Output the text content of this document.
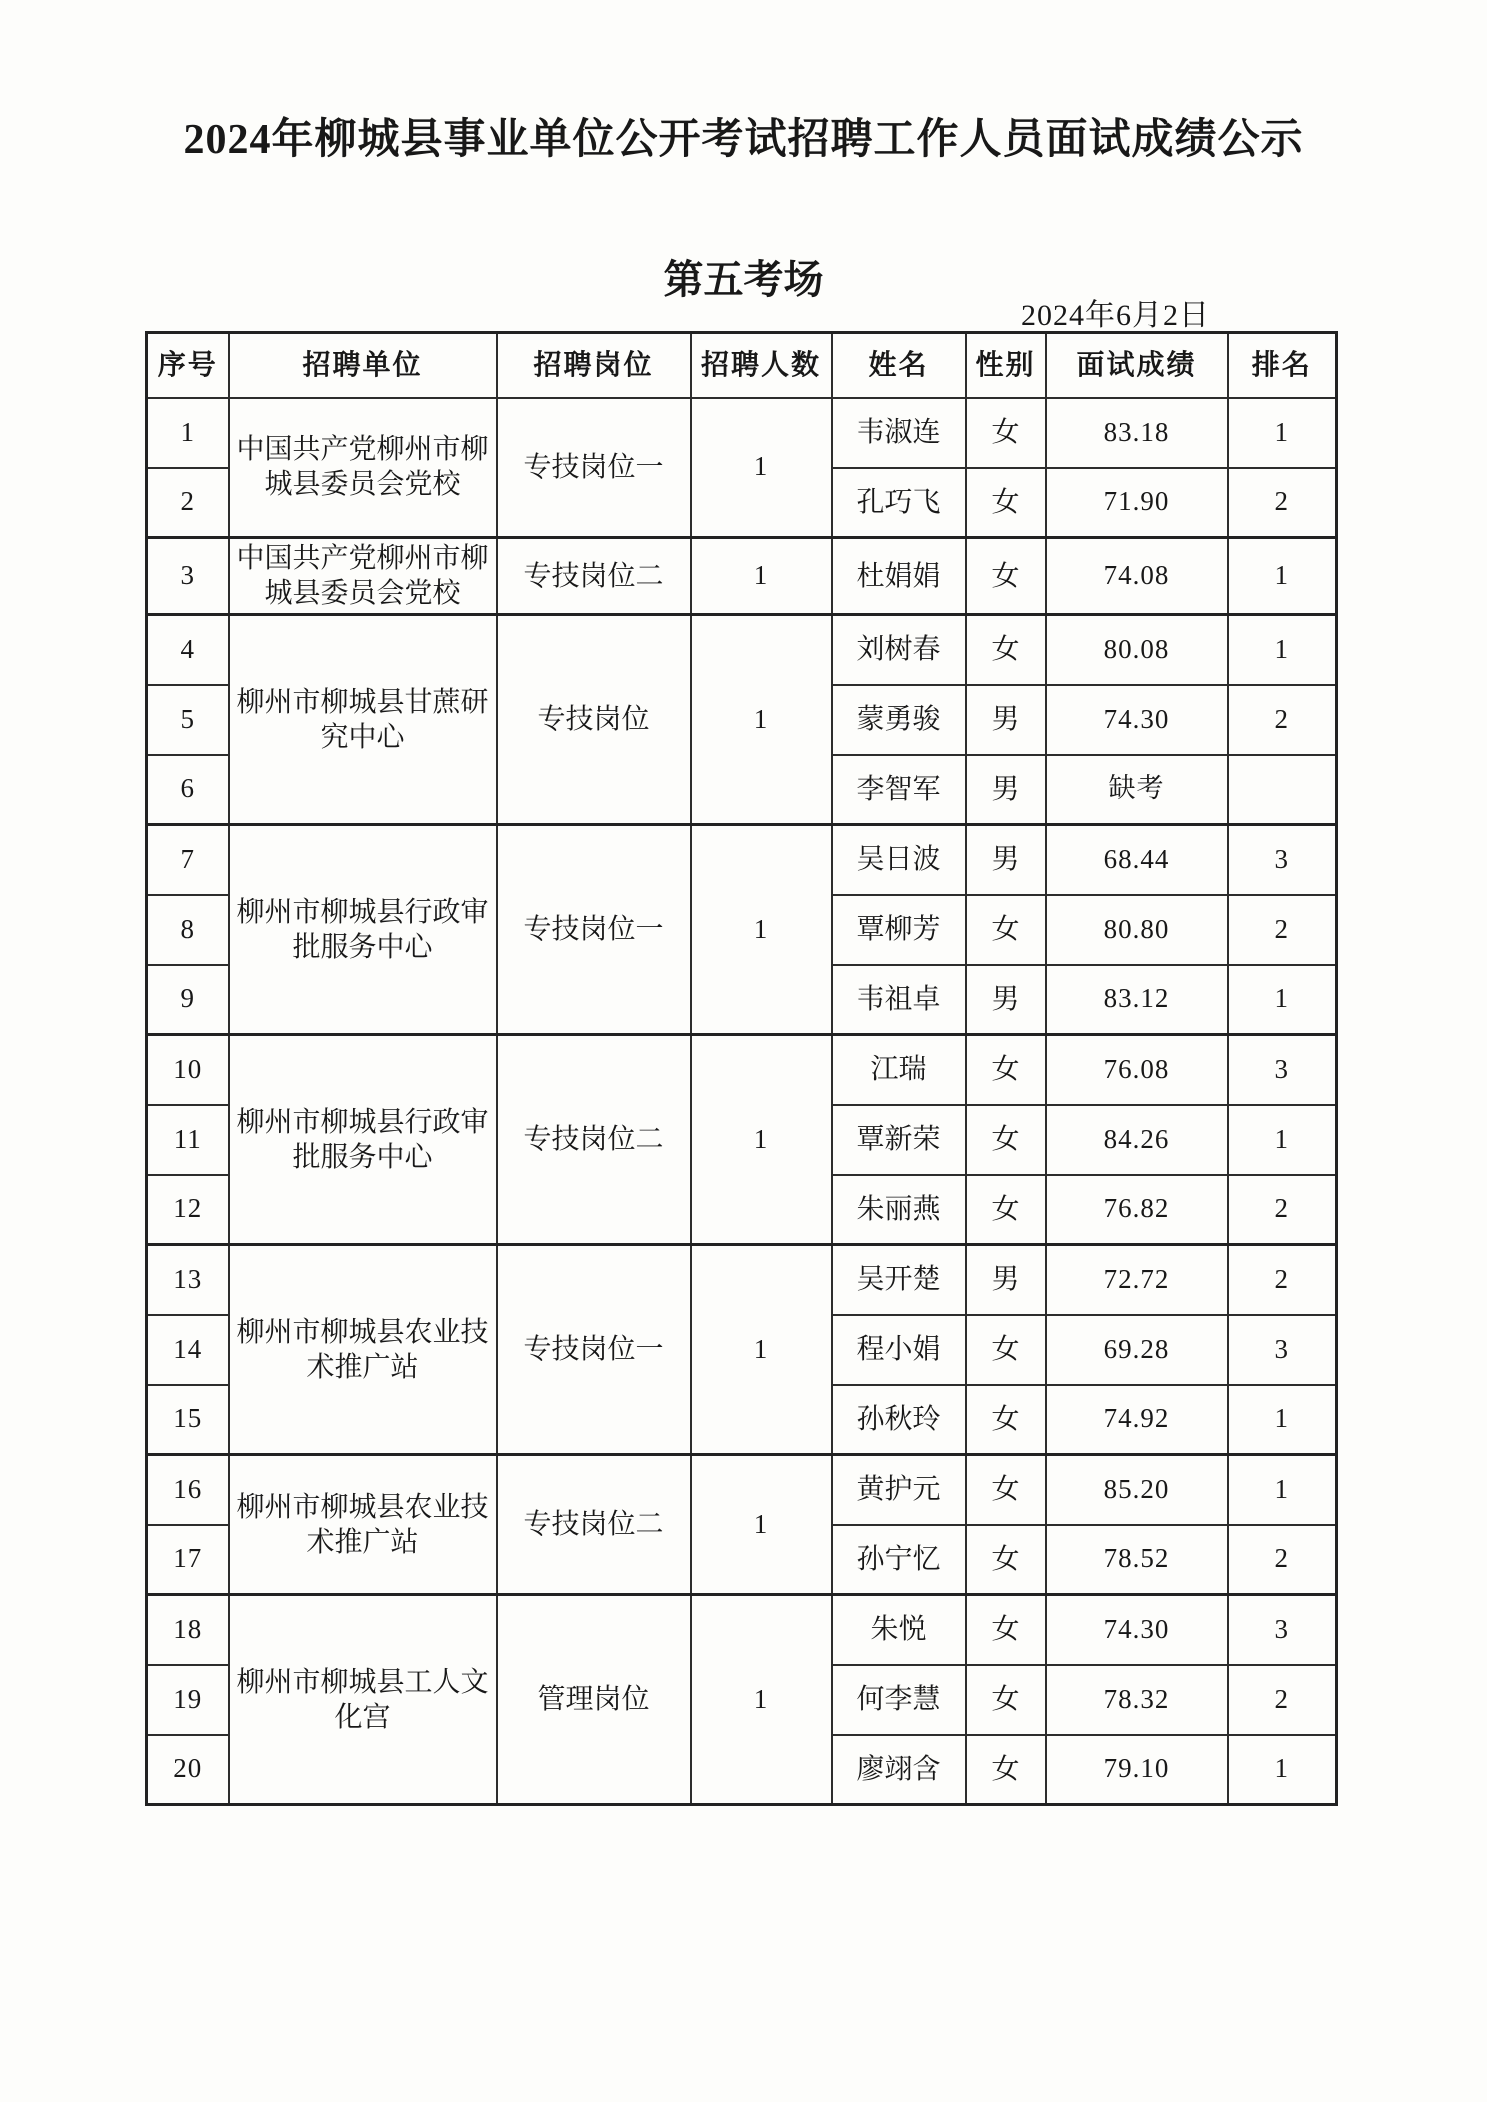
2024年柳城县事业单位公开考试招聘工作人员面试成绩公示
第五考场
2024年6月2日
序号	招聘单位	招聘岗位	招聘人数	姓名	性别	面试成绩	排名
1	中国共产党柳州市柳城县委员会党校	专技岗位一	1	韦淑连	女	83.18	1
2				孔巧飞	女	71.90	2
3	中国共产党柳州市柳城县委员会党校	专技岗位二	1	杜娟娟	女	74.08	1
4	柳州市柳城县甘蔗研究中心	专技岗位	1	刘树春	女	80.08	1
5				蒙勇骏	男	74.30	2
6				李智军	男	缺考	
7	柳州市柳城县行政审批服务中心	专技岗位一	1	吴日波	男	68.44	3
8				覃柳芳	女	80.80	2
9				韦祖卓	男	83.12	1
10	柳州市柳城县行政审批服务中心	专技岗位二	1	江瑞	女	76.08	3
11				覃新荣	女	84.26	1
12				朱丽燕	女	76.82	2
13	柳州市柳城县农业技术推广站	专技岗位一	1	吴开楚	男	72.72	2
14				程小娟	女	69.28	3
15				孙秋玲	女	74.92	1
16	柳州市柳城县农业技术推广站	专技岗位二	1	黄护元	女	85.20	1
17				孙宁忆	女	78.52	2
18	柳州市柳城县工人文化宫	管理岗位	1	朱悦	女	74.30	3
19				何李慧	女	78.32	2
20				廖翊含	女	79.10	1
